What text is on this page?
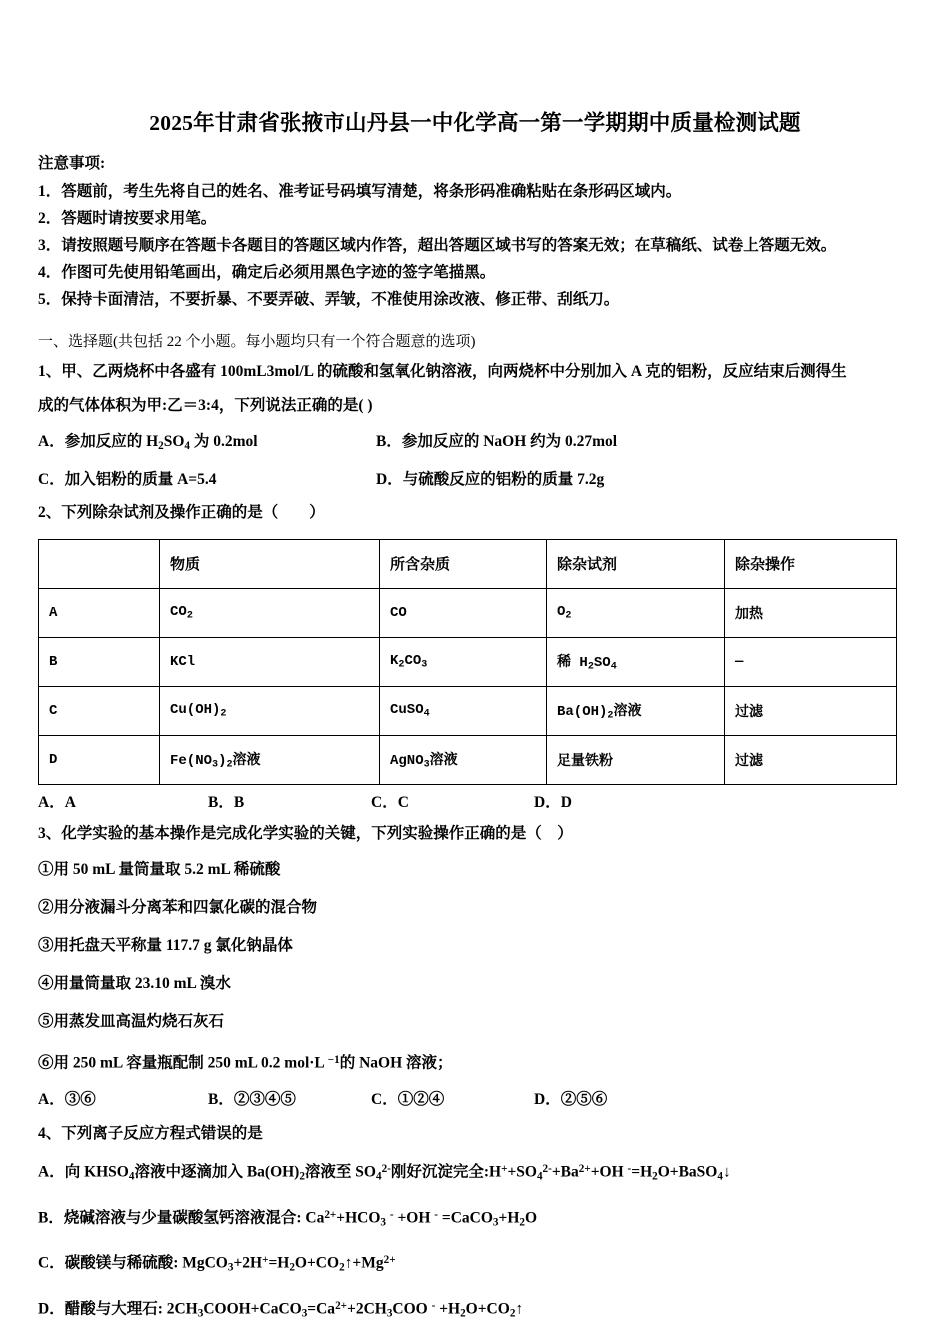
2025年甘肃省张掖市山丹县一中化学高一第一学期期中质量检测试题
注意事项:
1．答题前，考生先将自己的姓名、准考证号码填写清楚，将条形码准确粘贴在条形码区域内。
2．答题时请按要求用笔。
3．请按照题号顺序在答题卡各题目的答题区域内作答，超出答题区域书写的答案无效；在草稿纸、试卷上答题无效。
4．作图可先使用铅笔画出，确定后必须用黑色字迹的签字笔描黑。
5．保持卡面清洁，不要折暴、不要弄破、弄皱，不准使用涂改液、修正带、刮纸刀。
一、选择题(共包括 22 个小题。每小题均只有一个符合题意的选项)
1、甲、乙两烧杯中各盛有 100mL3mol/L 的硫酸和氢氧化钠溶液，向两烧杯中分别加入 A 克的铝粉，反应结束后测得生
成的气体体积为甲:乙＝3:4，下列说法正确的是( )
A．参加反应的 $H_2SO_4$ 为 0.2mol	B．参加反应的 NaOH 约为 0.27mol
C．加入铝粉的质量 A=5.4	D．与硫酸反应的铝粉的质量 7.2g
2、下列除杂试剂及操作正确的是（　　）
	物质	所含杂质	除杂试剂	除杂操作
A	$CO_2$	CO	$O_2$	加热
B	KCl	$K_2CO_3$	稀 $H_2SO_4$	—
C	$Cu(OH)_2$	CuSO$_4$	$Ba(OH)_2$溶液	过滤
D	$Fe(NO_3)_2$溶液	AgNO$_3$溶液	足量铁粉	过滤
A．A	B．B	C．C	D．D
3、化学实验的基本操作是完成化学实验的关键，下列实验操作正确的是（　）
①用 50 mL 量筒量取 5.2 mL 稀硫酸
②用分液漏斗分离苯和四氯化碳的混合物
③用托盘天平称量 117.7 g 氯化钠晶体
④用量筒量取 23.10 mL 溴水
⑤用蒸发皿高温灼烧石灰石
⑥用 250 mL 容量瓶配制 250 mL 0.2 mol·L $^{-1}$的 NaOH 溶液；
A．③⑥	B．②③④⑤	C．①②④	D．②⑤⑥
4、下列离子反应方程式错误的是
A．向 $KHSO_4$溶液中逐滴加入 $Ba(OH)_2$溶液至 $SO_4^{2-}$刚好沉淀完全$:H^++SO_4^{2-}+Ba^{2+}+OH$ $^-=H_2O+BaSO_4↓$
B．烧碱溶液与少量碳酸氢钙溶液混合: $Ca^{2+}+HCO_3$ - +OH $^- =CaCO_3+H_2O$
C．碳酸镁与稀硫酸: $MgCO_3+2H^+=H_2O+CO_2↑+Mg^{2+}$
D．醋酸与大理石: $2CH_3COOH+CaCO_3=Ca^{2+}+2CH_3COO$ $^- +H_2O+CO_2↑$
